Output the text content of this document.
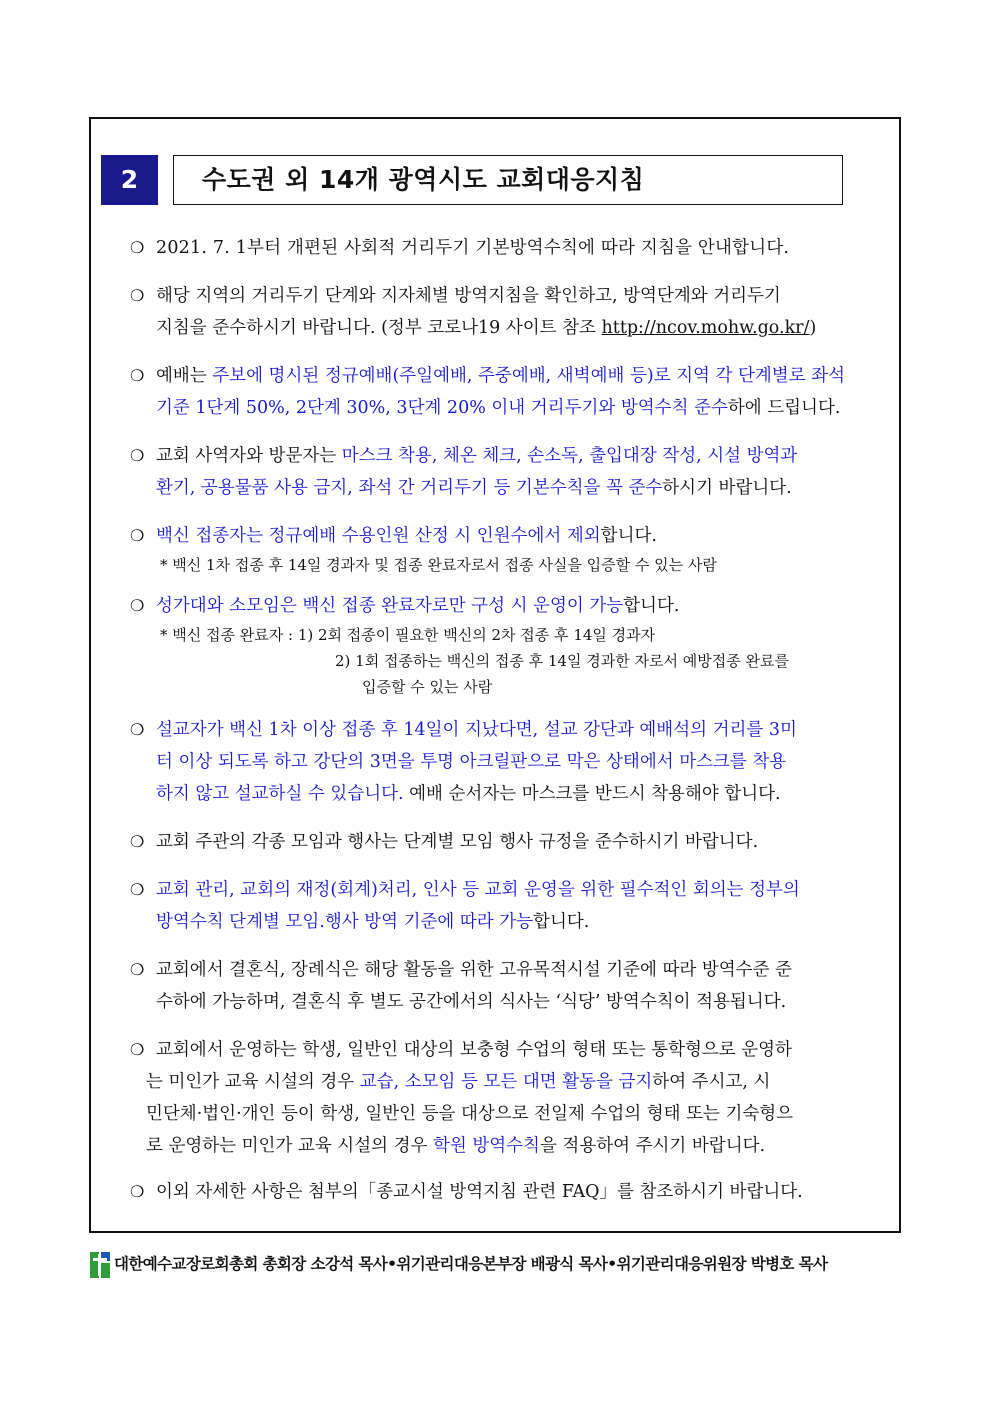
2	수도권 외 14개 광역시도 교회대응지침
❍ 2021. 7. 1부터 개편된 사회적 거리두기 기본방역수칙에 따라 지침을 안내합니다.
❍ 해당 지역의 거리두기 단계와 지자체별 방역지침을 확인하고, 방역단계와 거리두기
지침을 준수하시기 바랍니다. (정부 코로나19 사이트 참조 http://ncov.mohw.go.kr/)
❍ 예배는 주보에 명시된 정규예배(주일예배, 주중예배, 새벽예배 등)로 지역 각 단계별로 좌석
기준 1단계 50%, 2단계 30%, 3단계 20% 이내 거리두기와 방역수칙 준수하에 드립니다.
❍ 교회 사역자와 방문자는 마스크 착용, 체온 체크, 손소독, 출입대장 작성, 시설 방역과
환기, 공용물품 사용 금지, 좌석 간 거리두기 등 기본수칙을 꼭 준수하시기 바랍니다.
❍ 백신 접종자는 정규예배 수용인원 산정 시 인원수에서 제외합니다.
* 백신 1차 접종 후 14일 경과자 및 접종 완료자로서 접종 사실을 입증할 수 있는 사람
❍ 성가대와 소모임은 백신 접종 완료자로만 구성 시 운영이 가능합니다.
* 백신 접종 완료자 : 1) 2회 접종이 필요한 백신의 2차 접종 후 14일 경과자
2) 1회 접종하는 백신의 접종 후 14일 경과한 자로서 예방접종 완료를
입증할 수 있는 사람
❍ 설교자가 백신 1차 이상 접종 후 14일이 지났다면, 설교 강단과 예배석의 거리를 3미
터 이상 되도록 하고 강단의 3면을 투명 아크릴판으로 막은 상태에서 마스크를 착용
하지 않고 설교하실 수 있습니다. 예배 순서자는 마스크를 반드시 착용해야 합니다.
❍ 교회 주관의 각종 모임과 행사는 단계별 모임 행사 규정을 준수하시기 바랍니다.
❍ 교회 관리, 교회의 재정(회계)처리, 인사 등 교회 운영을 위한 필수적인 회의는 정부의
방역수칙 단계별 모임.행사 방역 기준에 따라 가능합니다.
❍ 교회에서 결혼식, 장례식은 해당 활동을 위한 고유목적시설 기준에 따라 방역수준 준
수하에 가능하며, 결혼식 후 별도 공간에서의 식사는 ‘식당’ 방역수칙이 적용됩니다.
❍ 교회에서 운영하는 학생, 일반인 대상의 보충형 수업의 형태 또는 통학형으로 운영하
는 미인가 교육 시설의 경우 교습, 소모임 등 모든 대면 활동을 금지하여 주시고, 시
민단체·법인·개인 등이 학생, 일반인 등을 대상으로 전일제 수업의 형태 또는 기숙형으
로 운영하는 미인가 교육 시설의 경우 학원 방역수칙을 적용하여 주시기 바랍니다.
❍ 이외 자세한 사항은 첨부의「종교시설 방역지침 관련 FAQ」를 참조하시기 바랍니다.
대한예수교장로회총회 총회장 소강석 목사•위기관리대응본부장 배광식 목사•위기관리대응위원장 박병호 목사
